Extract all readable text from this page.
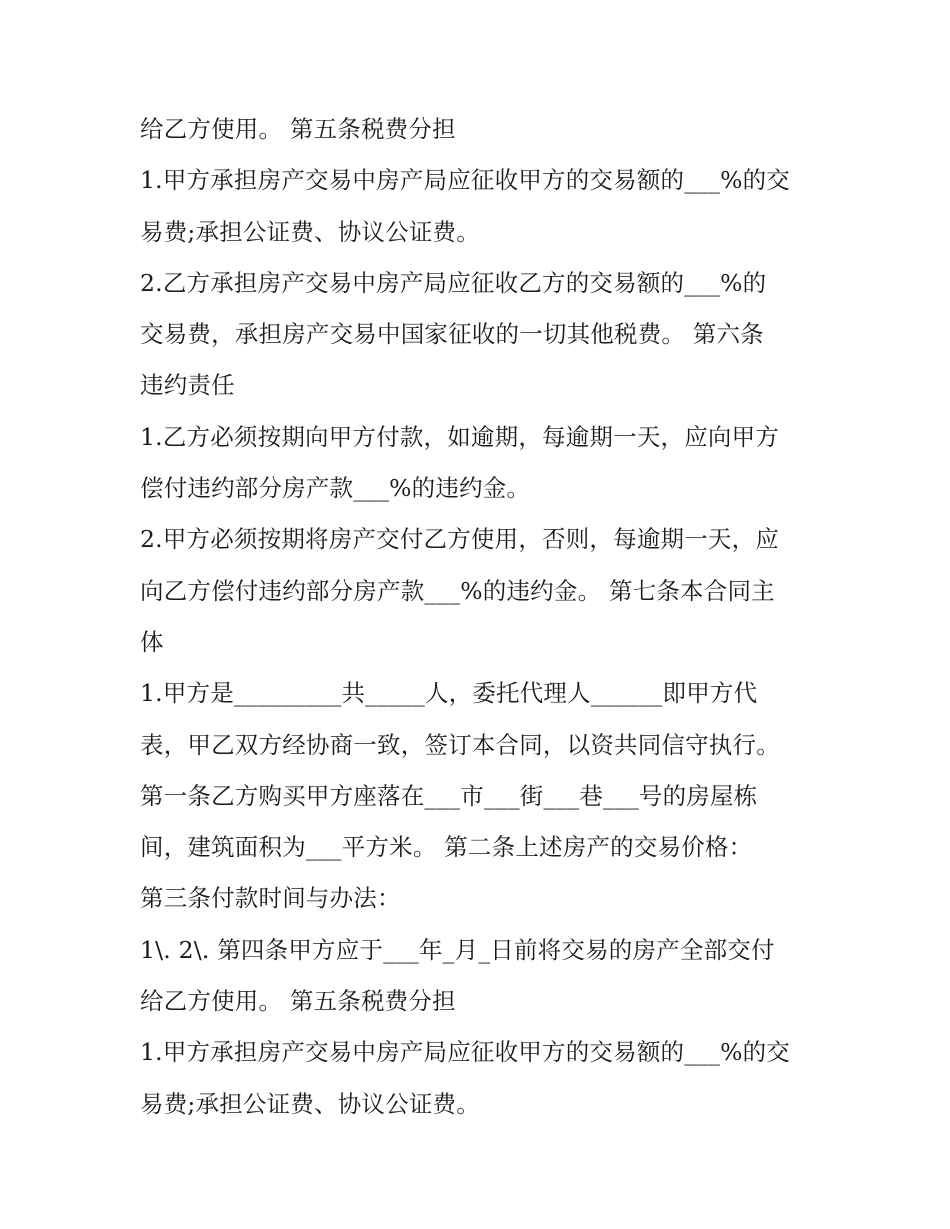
给乙方使用。 第五条税费分担
1.甲方承担房产交易中房产局应征收甲方的交易额的___%的交
易费;承担公证费、协议公证费。
2.乙方承担房产交易中房产局应征收乙方的交易额的___%的
交易费，承担房产交易中国家征收的一切其他税费。 第六条
违约责任
1.乙方必须按期向甲方付款，如逾期，每逾期一天，应向甲方
偿付违约部分房产款___%的违约金。
2.甲方必须按期将房产交付乙方使用，否则，每逾期一天，应
向乙方偿付违约部分房产款___%的违约金。 第七条本合同主
体
1.甲方是_________共_____人，委托代理人______即甲方代
表，甲乙双方经协商一致，签订本合同，以资共同信守执行。
第一条乙方购买甲方座落在___市___街___巷___号的房屋栋
间，建筑面积为___平方米。 第二条上述房产的交易价格：
第三条付款时间与办法：
1\. 2\. 第四条甲方应于___年_月_日前将交易的房产全部交付
给乙方使用。 第五条税费分担
1.甲方承担房产交易中房产局应征收甲方的交易额的___%的交
易费;承担公证费、协议公证费。
